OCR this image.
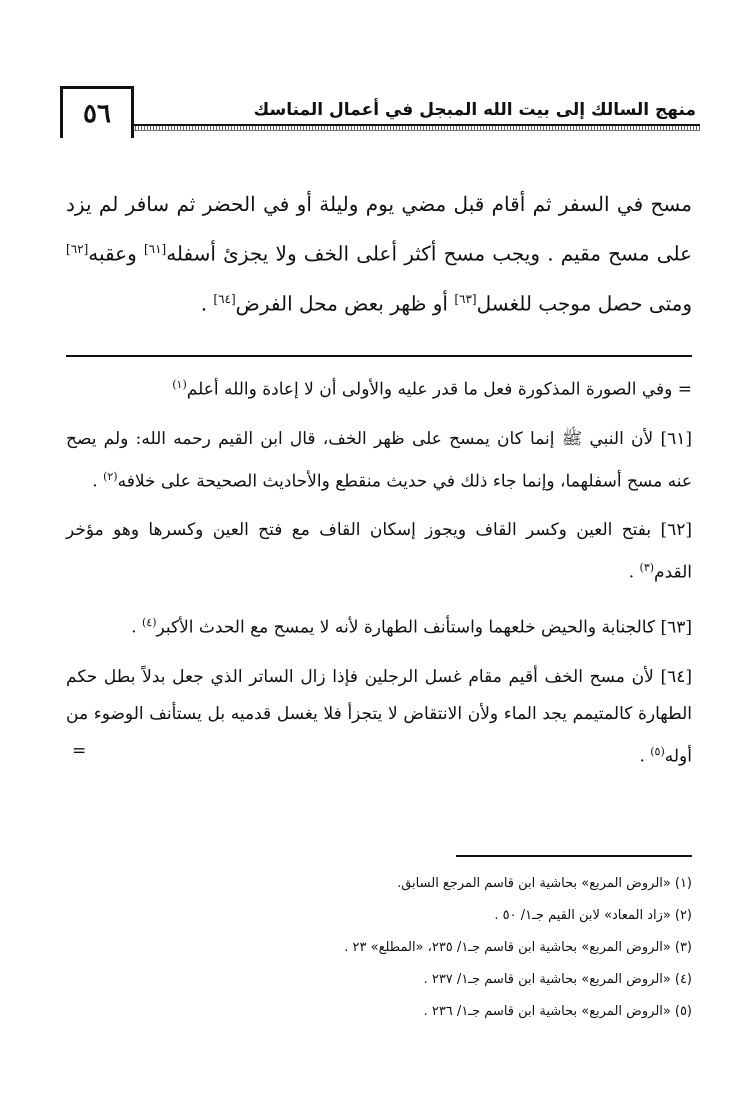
٥٦	منهج السالك إلى بيت الله المبجل في أعمال المناسك
مسح في السفر ثم أقام قبل مضي يوم وليلة أو في الحضر ثم سافر لم يزد على مسح مقيم . ويجب مسح أكثر أعلى الخف ولا يجزئ أسفله[٦١] وعقبه[٦٢] ومتى حصل موجب للغسل[٦٣] أو ظهر بعض محل الفرض[٦٤] .
= وفي الصورة المذكورة فعل ما قدر عليه والأولى أن لا إعادة والله أعلم$^{(١)}$
[٦١] لأن النبي ﷺ إنما كان يمسح على ظهر الخف، قال ابن القيم رحمه الله: ولم يصح عنه مسح أسفلهما، وإنما جاء ذلك في حديث منقطع والأحاديث الصحيحة على خلافه$^{(٢)}$ .
[٦٢] بفتح العين وكسر القاف ويجوز إسكان القاف مع فتح العين وكسرها وهو مؤخر القدم$^{(٣)}$ .
[٦٣] كالجنابة والحيض خلعهما واستأنف الطهارة لأنه لا يمسح مع الحدث الأكبر$^{(٤)}$ .
[٦٤] لأن مسح الخف أقيم مقام غسل الرجلين فإذا زال الساتر الذي جعل بدلاً بطل حكم الطهارة كالمتيمم يجد الماء ولأن الانتقاض لا يتجزأ فلا يغسل قدميه بل يستأنف الوضوء من أوله$^{(٥)}$ .
=
(١)«الروض المربع» بحاشية ابن قاسم المرجع السابق.
(٢)«زاد المعاد» لابن القيم جـ١/ ٥٠ .
(٣)«الروض المربع» بحاشية ابن قاسم جـ١/ ٢٣٥، «المطلع» ٢٣ .
(٤)«الروض المربع» بحاشية ابن قاسم جـ١/ ٢٣٧ .
(٥)«الروض المربع» بحاشية ابن قاسم جـ١/ ٢٣٦ .
